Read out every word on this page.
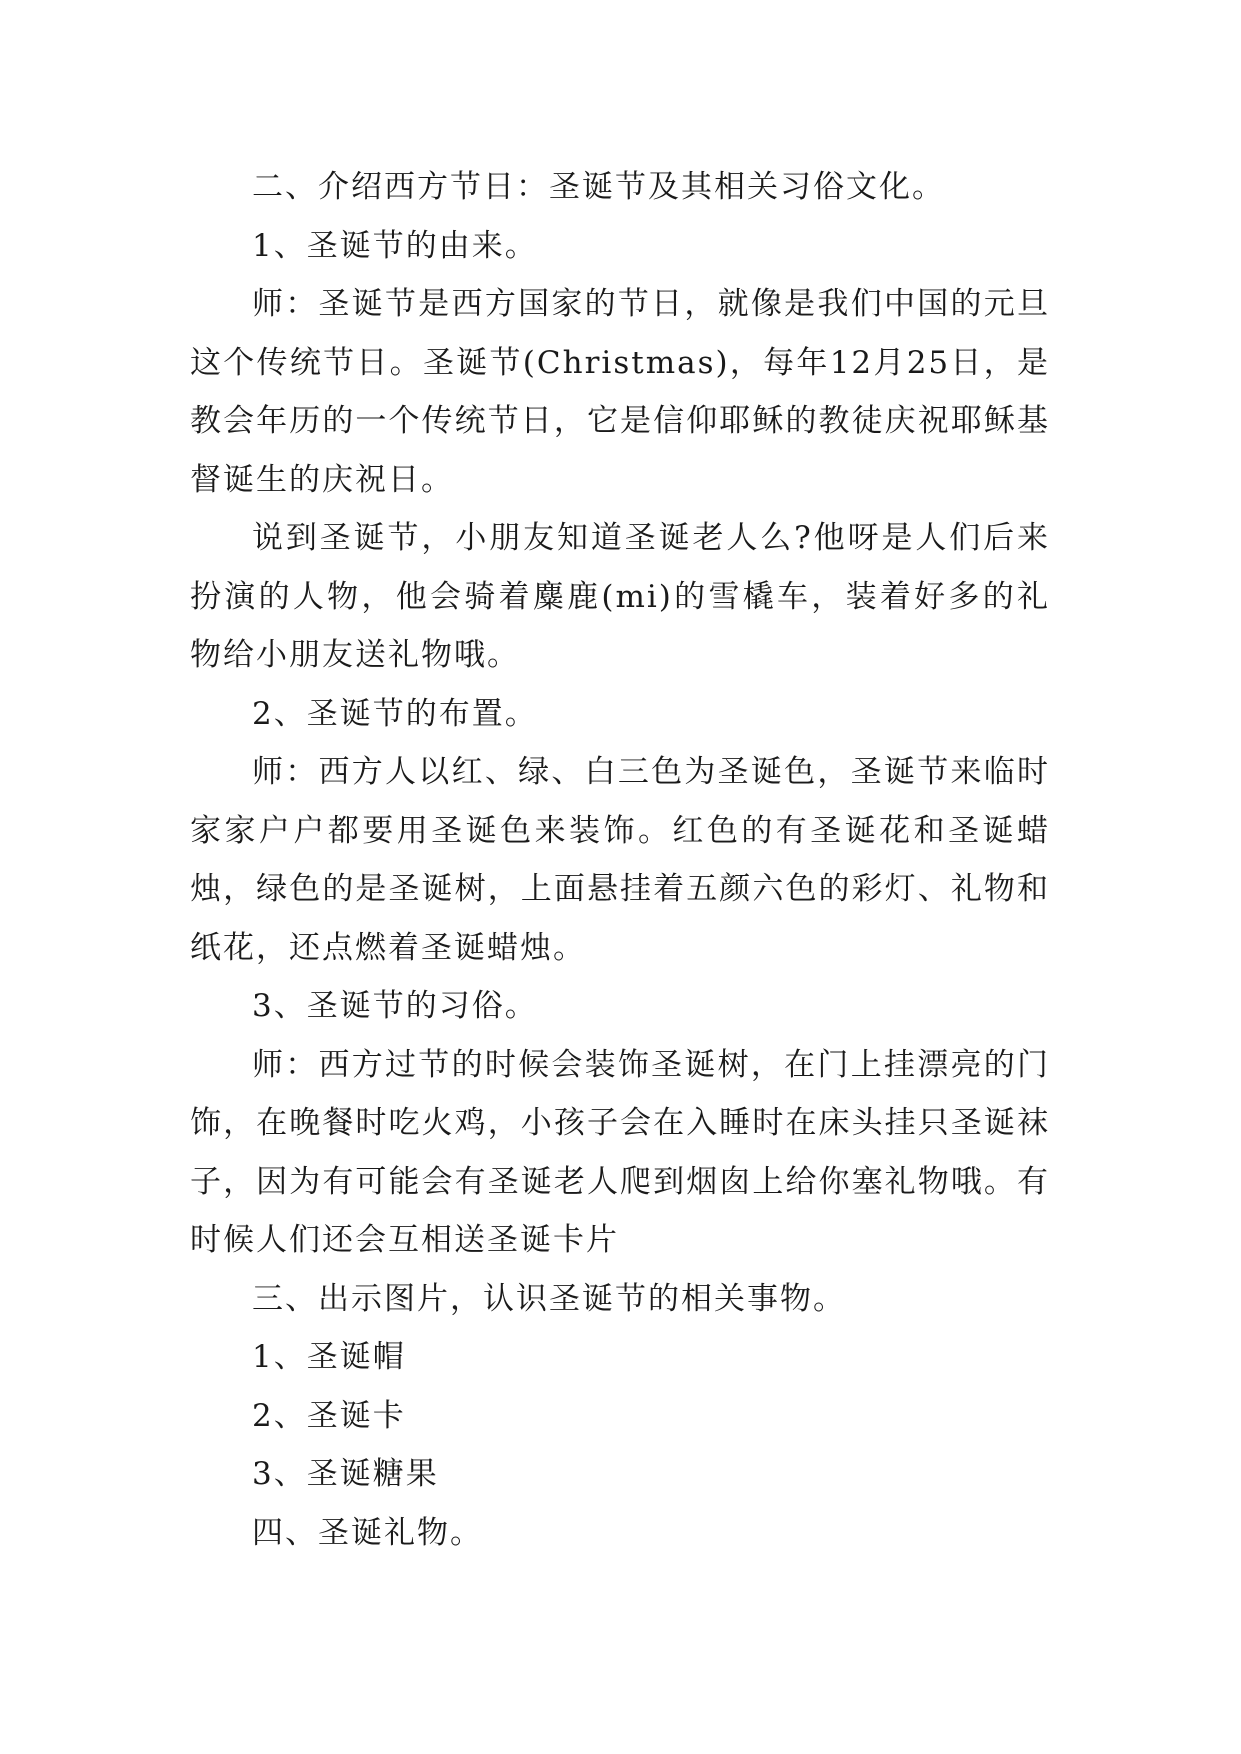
二、介绍西方节日：圣诞节及其相关习俗文化。

1、圣诞节的由来。

师：圣诞节是西方国家的节日，就像是我们中国的元旦这个传统节日。圣诞节(Christmas)，每年12月25日，是教会年历的一个传统节日，它是信仰耶稣的教徒庆祝耶稣基督诞生的庆祝日。

说到圣诞节，小朋友知道圣诞老人么?他呀是人们后来扮演的人物，他会骑着麋鹿(mi)的雪橇车，装着好多的礼物给小朋友送礼物哦。

2、圣诞节的布置。

师：西方人以红、绿、白三色为圣诞色，圣诞节来临时家家户户都要用圣诞色来装饰。红色的有圣诞花和圣诞蜡烛，绿色的是圣诞树，上面悬挂着五颜六色的彩灯、礼物和纸花，还点燃着圣诞蜡烛。

3、圣诞节的习俗。

师：西方过节的时候会装饰圣诞树，在门上挂漂亮的门饰，在晚餐时吃火鸡，小孩子会在入睡时在床头挂只圣诞袜子，因为有可能会有圣诞老人爬到烟囱上给你塞礼物哦。有时候人们还会互相送圣诞卡片

三、出示图片，认识圣诞节的相关事物。

1、圣诞帽

2、圣诞卡

3、圣诞糖果

四、圣诞礼物。
